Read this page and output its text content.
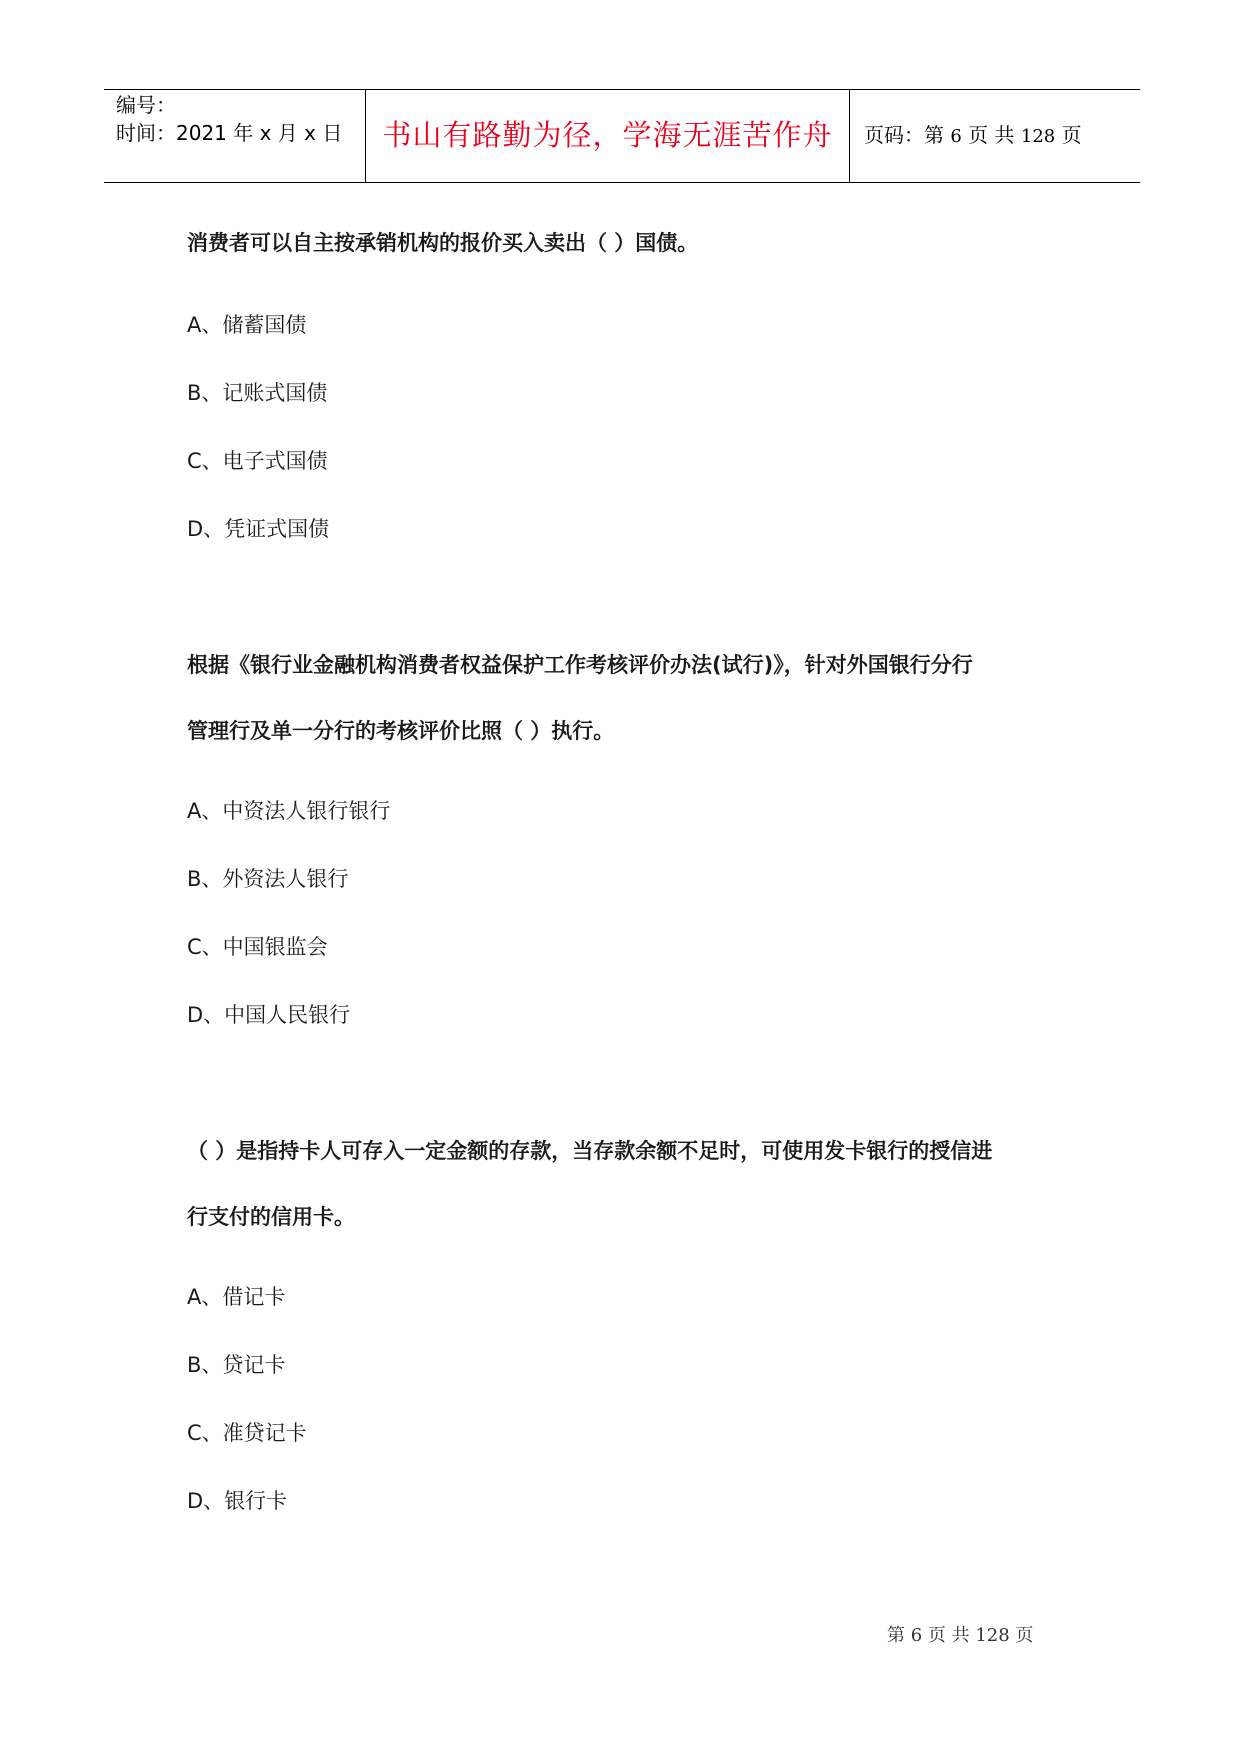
编号：
时间：2021 年 x 月 x 日	书山有路勤为径，学海无涯苦作舟	页码：第 6 页 共 128 页
消费者可以自主按承销机构的报价买入卖出（ ）国债。
A、储蓄国债
B、记账式国债
C、电子式国债
D、凭证式国债
根据《银行业金融机构消费者权益保护工作考核评价办法(试行)》，针对外国银行分行
管理行及单一分行的考核评价比照（ ）执行。
A、中资法人银行银行
B、外资法人银行
C、中国银监会
D、中国人民银行
（ ）是指持卡人可存入一定金额的存款，当存款余额不足时，可使用发卡银行的授信进
行支付的信用卡。
A、借记卡
B、贷记卡
C、准贷记卡
D、银行卡
第 6 页 共 128 页
